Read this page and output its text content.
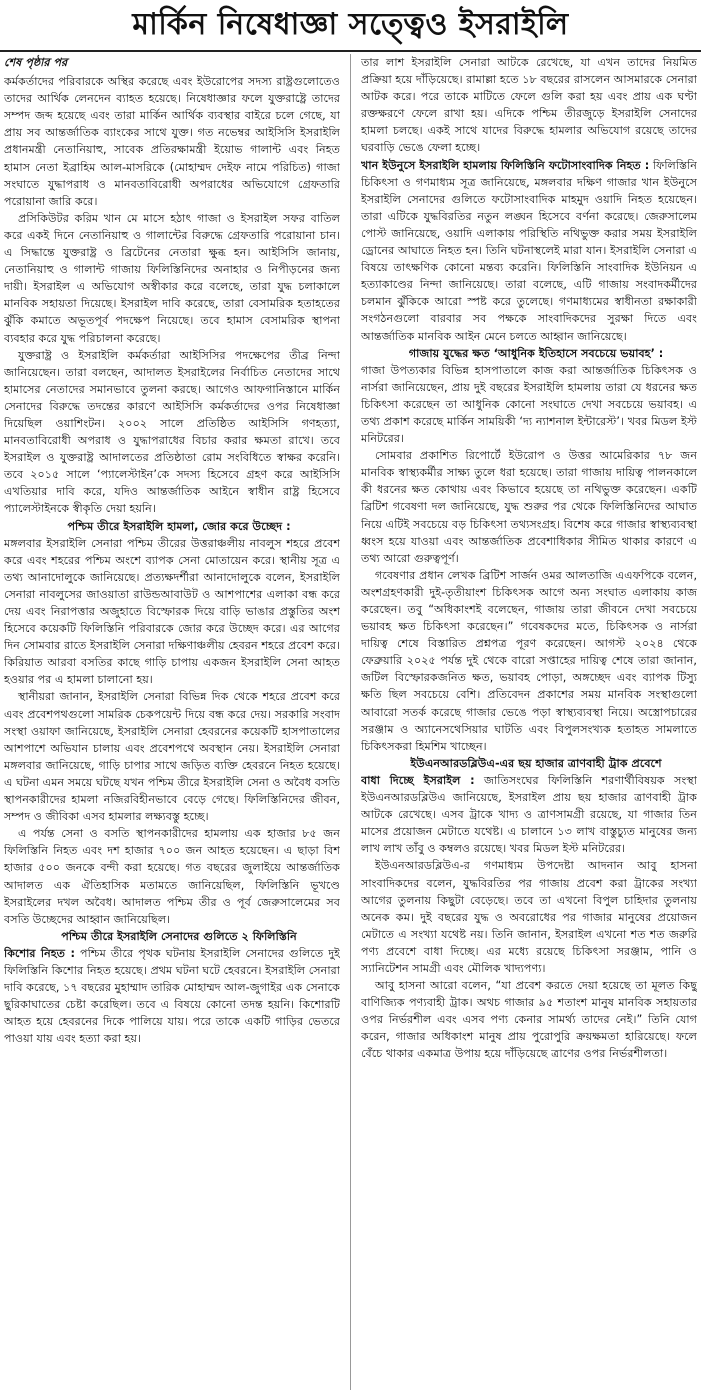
মার্কিন নিষেধাজ্ঞা সত্ত্বেও ইসরাইলি
শেষ পৃষ্ঠার পর

কর্মকর্তাদের পরিবারকে অস্থির করেছে এবং ইউরোপের সদস্য রাষ্ট্রগুলোতেও তাদের আর্থিক লেনদেন ব্যাহত হয়েছে। নিষেধাজ্ঞার ফলে যুক্তরাষ্ট্রে তাদের সম্পদ জব্দ হয়েছে এবং তারা মার্কিন আর্থিক ব্যবস্থার বাইরে চলে গেছে, যা প্রায় সব আন্তর্জাতিক ব্যাংকের সাথে যুক্ত। গত নভেম্বর আইসিসি ইসরাইলি প্রধানমন্ত্রী নেতানিয়াহু, সাবেক প্রতিরক্ষামন্ত্রী ইয়োভ গালান্ট এবং নিহত হামাস নেতা ইব্রাহিম আল-মাসরিকে (মোহাম্মদ দেইফ নামে পরিচিত) গাজা সংঘাতে যুদ্ধাপরাধ ও মানবতাবিরোধী অপরাধের অভিযোগে গ্রেফতারি পরোয়ানা জারি করে।

প্রসিকিউটর করিম খান মে মাসে হঠাৎ গাজা ও ইসরাইল সফর বাতিল করে একই দিনে নেতানিয়াহু ও গালান্টের বিরুদ্ধে গ্রেফতারি পরোয়ানা চান। এ সিদ্ধান্তে যুক্তরাষ্ট্র ও ব্রিটেনের নেতারা ক্ষুব্ধ হন। আইসিসি জানায়, নেতানিয়াহু ও গালান্ট গাজায় ফিলিস্তিনিদের অনাহার ও নিপীড়নের জন্য দায়ী। ইসরাইল এ অভিযোগ অস্বীকার করে বলেছে, তারা যুদ্ধ চলাকালে মানবিক সহায়তা দিয়েছে। ইসরাইল দাবি করেছে, তারা বেসামরিক হতাহতের ঝুঁকি কমাতে অভূতপূর্ব পদক্ষেপ নিয়েছে। তবে হামাস বেসামরিক স্থাপনা ব্যবহার করে যুদ্ধ পরিচালনা করেছে।

যুক্তরাষ্ট্র ও ইসরাইলি কর্মকর্তারা আইসিসির পদক্ষেপের তীব্র নিন্দা জানিয়েছেন। তারা বলছেন, আদালত ইসরাইলের নির্বাচিত নেতাদের সাথে হামাসের নেতাদের সমানভাবে তুলনা করছে। আগেও আফগানিস্তানে মার্কিন সেনাদের বিরুদ্ধে তদন্তের কারণে আইসিসি কর্মকর্তাদের ওপর নিষেধাজ্ঞা দিয়েছিল ওয়াশিংটন। ২০০২ সালে প্রতিষ্ঠিত আইসিসি গণহত্যা, মানবতাবিরোধী অপরাধ ও যুদ্ধাপরাধের বিচার করার ক্ষমতা রাখে। তবে ইসরাইল ও যুক্তরাষ্ট্র আদালতের প্রতিষ্ঠাতা রোম সংবিধিতে স্বাক্ষর করেনি। তবে ২০১৫ সালে ‘প্যালেস্টাইন’কে সদস্য হিসেবে গ্রহণ করে আইসিসি এখতিয়ার দাবি করে, যদিও আন্তর্জাতিক আইনে স্বাধীন রাষ্ট্র হিসেবে প্যালেস্টাইনকে স্বীকৃতি দেয়া হয়নি।

পশ্চিম তীরে ইসরাইলি হামলা, জোর করে উচ্ছেদ :

মঙ্গলবার ইসরাইলি সেনারা পশ্চিম তীরের উত্তরাঞ্চলীয় নাবলুস শহরে প্রবেশ করে এবং শহরের পশ্চিম অংশে ব্যাপক সেনা মোতায়েন করে। স্থানীয় সূত্র এ তথ্য আনাদোলুকে জানিয়েছে। প্রত্যক্ষদর্শীরা আনাদোলুকে বলেন, ইসরাইলি সেনারা নাবলুসের জাওয়াতা রাউন্ডআবাউট ও আশপাশের এলাকা বন্ধ করে দেয় এবং নিরাপত্তার অজুহাতে বিস্ফোরক দিয়ে বাড়ি ভাঙার প্রস্তুতির অংশ হিসেবে কয়েকটি ফিলিস্তিনি পরিবারকে জোর করে উচ্ছেদ করে। এর আগের দিন সোমবার রাতে ইসরাইলি সেনারা দক্ষিণাঞ্চলীয় হেবরন শহরে প্রবেশ করে। কিরিয়াত আরবা বসতির কাছে গাড়ি চাপায় একজন ইসরাইলি সেনা আহত হওয়ার পর এ হামলা চালানো হয়।

স্থানীয়রা জানান, ইসরাইলি সেনারা বিভিন্ন দিক থেকে শহরে প্রবেশ করে এবং প্রবেশপথগুলো সামরিক চেকপয়েন্ট দিয়ে বন্ধ করে দেয়। সরকারি সংবাদ সংস্থা ওয়াফা জানিয়েছে, ইসরাইলি সেনারা হেবরনের কয়েকটি হাসপাতালের আশপাশে অভিযান চালায় এবং প্রবেশপথে অবস্থান নেয়। ইসরাইলি সেনারা মঙ্গলবার জানিয়েছে, গাড়ি চাপার সাথে জড়িত ব্যক্তি হেবরনে নিহত হয়েছে। এ ঘটনা এমন সময়ে ঘটছে যখন পশ্চিম তীরে ইসরাইলি সেনা ও অবৈধ বসতি স্থাপনকারীদের হামলা নজিরবিহীনভাবে বেড়ে গেছে। ফিলিস্তিনিদের জীবন, সম্পদ ও জীবিকা এসব হামলার লক্ষ্যবস্তু হচ্ছে।

এ পর্যন্ত সেনা ও বসতি স্থাপনকারীদের হামলায় এক হাজার ৮৫ জন ফিলিস্তিনি নিহত এবং দশ হাজার ৭০০ জন আহত হয়েছেন। এ ছাড়া বিশ হাজার ৫০০ জনকে বন্দী করা হয়েছে। গত বছরের জুলাইয়ে আন্তর্জাতিক আদালত এক ঐতিহাসিক মতামতে জানিয়েছিল, ফিলিস্তিনি ভূখণ্ডে ইসরাইলের দখল অবৈধ। আদালত পশ্চিম তীর ও পূর্ব জেরুসালেমের সব বসতি উচ্ছেদের আহ্বান জানিয়েছিল।

পশ্চিম তীরে ইসরাইলি সেনাদের গুলিতে ২ ফিলিস্তিনি

কিশোর নিহত : পশ্চিম তীরে পৃথক ঘটনায় ইসরাইলি সেনাদের গুলিতে দুই ফিলিস্তিনি কিশোর নিহত হয়েছে। প্রথম ঘটনা ঘটে হেবরনে। ইসরাইলি সেনারা দাবি করেছে, ১৭ বছরের মুহাম্মাদ তারিক মোহাম্মদ আল-জুগাইর এক সেনাকে ছুরিকাঘাতের চেষ্টা করেছিল। তবে এ বিষয়ে কোনো তদন্ত হয়নি। কিশোরটি আহত হয়ে হেবরনের দিকে পালিয়ে যায়। পরে তাকে একটি গাড়ির ভেতরে পাওয়া যায় এবং হত্যা করা হয়।

তার লাশ ইসরাইলি সেনারা আটকে রেখেছে, যা এখন তাদের নিয়মিত প্রক্রিয়া হয়ে দাঁড়িয়েছে। রামাল্লা হতে ১৮ বছরের রাসলেন আসমারকে সেনারা আটক করে। পরে তাকে মাটিতে ফেলে গুলি করা হয় এবং প্রায় এক ঘণ্টা রক্তক্ষরণে ফেলে রাখা হয়। এদিকে পশ্চিম তীরজুড়ে ইসরাইলি সেনাদের হামলা চলছে। একই সাথে যাদের বিরুদ্ধে হামলার অভিযোগ রয়েছে তাদের ঘরবাড়ি ভেঙে ফেলা হচ্ছে।

খান ইউনুসে ইসরাইলি হামলায় ফিলিস্তিনি ফটোসাংবাদিক নিহত : ফিলিস্তিনি চিকিৎসা ও গণমাধ্যম সূত্র জানিয়েছে, মঙ্গলবার দক্ষিণ গাজার খান ইউনুসে ইসরাইলি সেনাদের গুলিতে ফটোসাংবাদিক মাহমুদ ওয়াদি নিহত হয়েছেন। তারা এটিকে যুদ্ধবিরতির নতুন লঙ্ঘন হিসেবে বর্ণনা করেছে। জেরুসালেম পোস্ট জানিয়েছে, ওয়াদি এলাকায় পরিস্থিতি নথিভুক্ত করার সময় ইসরাইলি ড্রোনের আঘাতে নিহত হন। তিনি ঘটনাস্থলেই মারা যান। ইসরাইলি সেনারা এ বিষয়ে তাৎক্ষণিক কোনো মন্তব্য করেনি। ফিলিস্তিনি সাংবাদিক ইউনিয়ন এ হত্যাকাণ্ডের নিন্দা জানিয়েছে। তারা বলেছে, এটি গাজায় সংবাদকর্মীদের চলমান ঝুঁকিকে আরো স্পষ্ট করে তুলেছে। গণমাধ্যমের স্বাধীনতা রক্ষাকারী সংগঠনগুলো বারবার সব পক্ষকে সাংবাদিকদের সুরক্ষা দিতে এবং আন্তর্জাতিক মানবিক আইন মেনে চলতে আহ্বান জানিয়েছে।

গাজায় যুদ্ধের ক্ষত ‘আধুনিক ইতিহাসে সবচেয়ে ভয়াবহ’ :

গাজা উপত্যকার বিভিন্ন হাসপাতালে কাজ করা আন্তর্জাতিক চিকিৎসক ও নার্সরা জানিয়েছেন, প্রায় দুই বছরের ইসরাইলি হামলায় তারা যে ধরনের ক্ষত চিকিৎসা করেছেন তা আধুনিক কোনো সংঘাতে দেখা সবচেয়ে ভয়াবহ। এ তথ্য প্রকাশ করেছে মার্কিন সাময়িকী ‘দ্য ন্যাশনাল ইন্টারেস্ট’। খবর মিডল ইস্ট মনিটরের।

সোমবার প্রকাশিত রিপোর্টে ইউরোপ ও উত্তর আমেরিকার ৭৮ জন মানবিক স্বাস্থ্যকর্মীর সাক্ষ্য তুলে ধরা হয়েছে। তারা গাজায় দায়িত্ব পালনকালে কী ধরনের ক্ষত কোথায় এবং কিভাবে হয়েছে তা নথিভুক্ত করেছেন। একটি ব্রিটিশ গবেষণা দল জানিয়েছে, যুদ্ধ শুরুর পর থেকে ফিলিস্তিনিদের আঘাত নিয়ে এটিই সবচেয়ে বড় চিকিৎসা তথ্যসংগ্রহ। বিশেষ করে গাজার স্বাস্থ্যব্যবস্থা ধ্বংস হয়ে যাওয়া এবং আন্তর্জাতিক প্রবেশাধিকার সীমিত থাকার কারণে এ তথ্য আরো গুরুত্বপূর্ণ।

গবেষণার প্রধান লেখক ব্রিটিশ সার্জন ওমর আলতাজি এএফপিকে বলেন, অংশগ্রহণকারী দুই-তৃতীয়াংশ চিকিৎসক আগে অন্য সংঘাত এলাকায় কাজ করেছেন। তবু “অধিকাংশই বলেছেন, গাজায় তারা জীবনে দেখা সবচেয়ে ভয়াবহ ক্ষত চিকিৎসা করেছেন।” গবেষকদের মতে, চিকিৎসক ও নার্সরা দায়িত্ব শেষে বিস্তারিত প্রশ্নপত্র পূরণ করেছেন। আগস্ট ২০২৪ থেকে ফেব্রুয়ারি ২০২৫ পর্যন্ত দুই থেকে বারো সপ্তাহের দায়িত্ব শেষে তারা জানান, জটিল বিস্ফোরকজনিত ক্ষত, ভয়াবহ পোড়া, অঙ্গচ্ছেদ এবং ব্যাপক টিস্যু ক্ষতি ছিল সবচেয়ে বেশি। প্রতিবেদন প্রকাশের সময় মানবিক সংস্থাগুলো আবারো সতর্ক করেছে গাজার ভেঙে পড়া স্বাস্থ্যব্যবস্থা নিয়ে। অস্ত্রোপচারের সরঞ্জাম ও অ্যানেসথেসিয়ার ঘাটতি এবং বিপুলসংখ্যক হতাহত সামলাতে চিকিৎসকরা হিমশিম খাচ্ছেন।

ইউএনআরডব্লিউএ-এর ছয় হাজার ত্রাণবাহী ট্রাক প্রবেশে

বাধা দিচ্ছে ইসরাইল : জাতিসংঘের ফিলিস্তিনি শরণার্থীবিষয়ক সংস্থা ইউএনআরডব্লিউএ জানিয়েছে, ইসরাইল প্রায় ছয় হাজার ত্রাণবাহী ট্রাক আটকে রেখেছে। এসব ট্রাকে খাদ্য ও ত্রাণসামগ্রী রয়েছে, যা গাজার তিন মাসের প্রয়োজন মেটাতে যথেষ্ট। এ চালানে ১৩ লাখ বাস্তুচ্যুত মানুষের জন্য লাখ লাখ তাঁবু ও কম্বলও রয়েছে। খবর মিডল ইস্ট মনিটরের।

ইউএনআরডব্লিউএ-র গণমাধ্যম উপদেষ্টা আদনান আবু হাসনা সাংবাদিকদের বলেন, যুদ্ধবিরতির পর গাজায় প্রবেশ করা ট্রাকের সংখ্যা আগের তুলনায় কিছুটা বেড়েছে। তবে তা এখনো বিপুল চাহিদার তুলনায় অনেক কম। দুই বছরের যুদ্ধ ও অবরোধের পর গাজার মানুষের প্রয়োজন মেটাতে এ সংখ্যা যথেষ্ট নয়। তিনি জানান, ইসরাইল এখনো শত শত জরুরি পণ্য প্রবেশে বাধা দিচ্ছে। এর মধ্যে রয়েছে চিকিৎসা সরঞ্জাম, পানি ও স্যানিটেশন সামগ্রী এবং মৌলিক খাদ্যপণ্য।

আবু হাসনা আরো বলেন, “যা প্রবেশ করতে দেয়া হয়েছে তা মূলত কিছু বাণিজ্যিক পণ্যবাহী ট্রাক। অথচ গাজার ৯৫ শতাংশ মানুষ মানবিক সহায়তার ওপর নির্ভরশীল এবং এসব পণ্য কেনার সামর্থ্য তাদের নেই।” তিনি যোগ করেন, গাজার অধিকাংশ মানুষ প্রায় পুরোপুরি ক্রয়ক্ষমতা হারিয়েছে। ফলে বেঁচে থাকার একমাত্র উপায় হয়ে দাঁড়িয়েছে ত্রাণের ওপর নির্ভরশীলতা।
